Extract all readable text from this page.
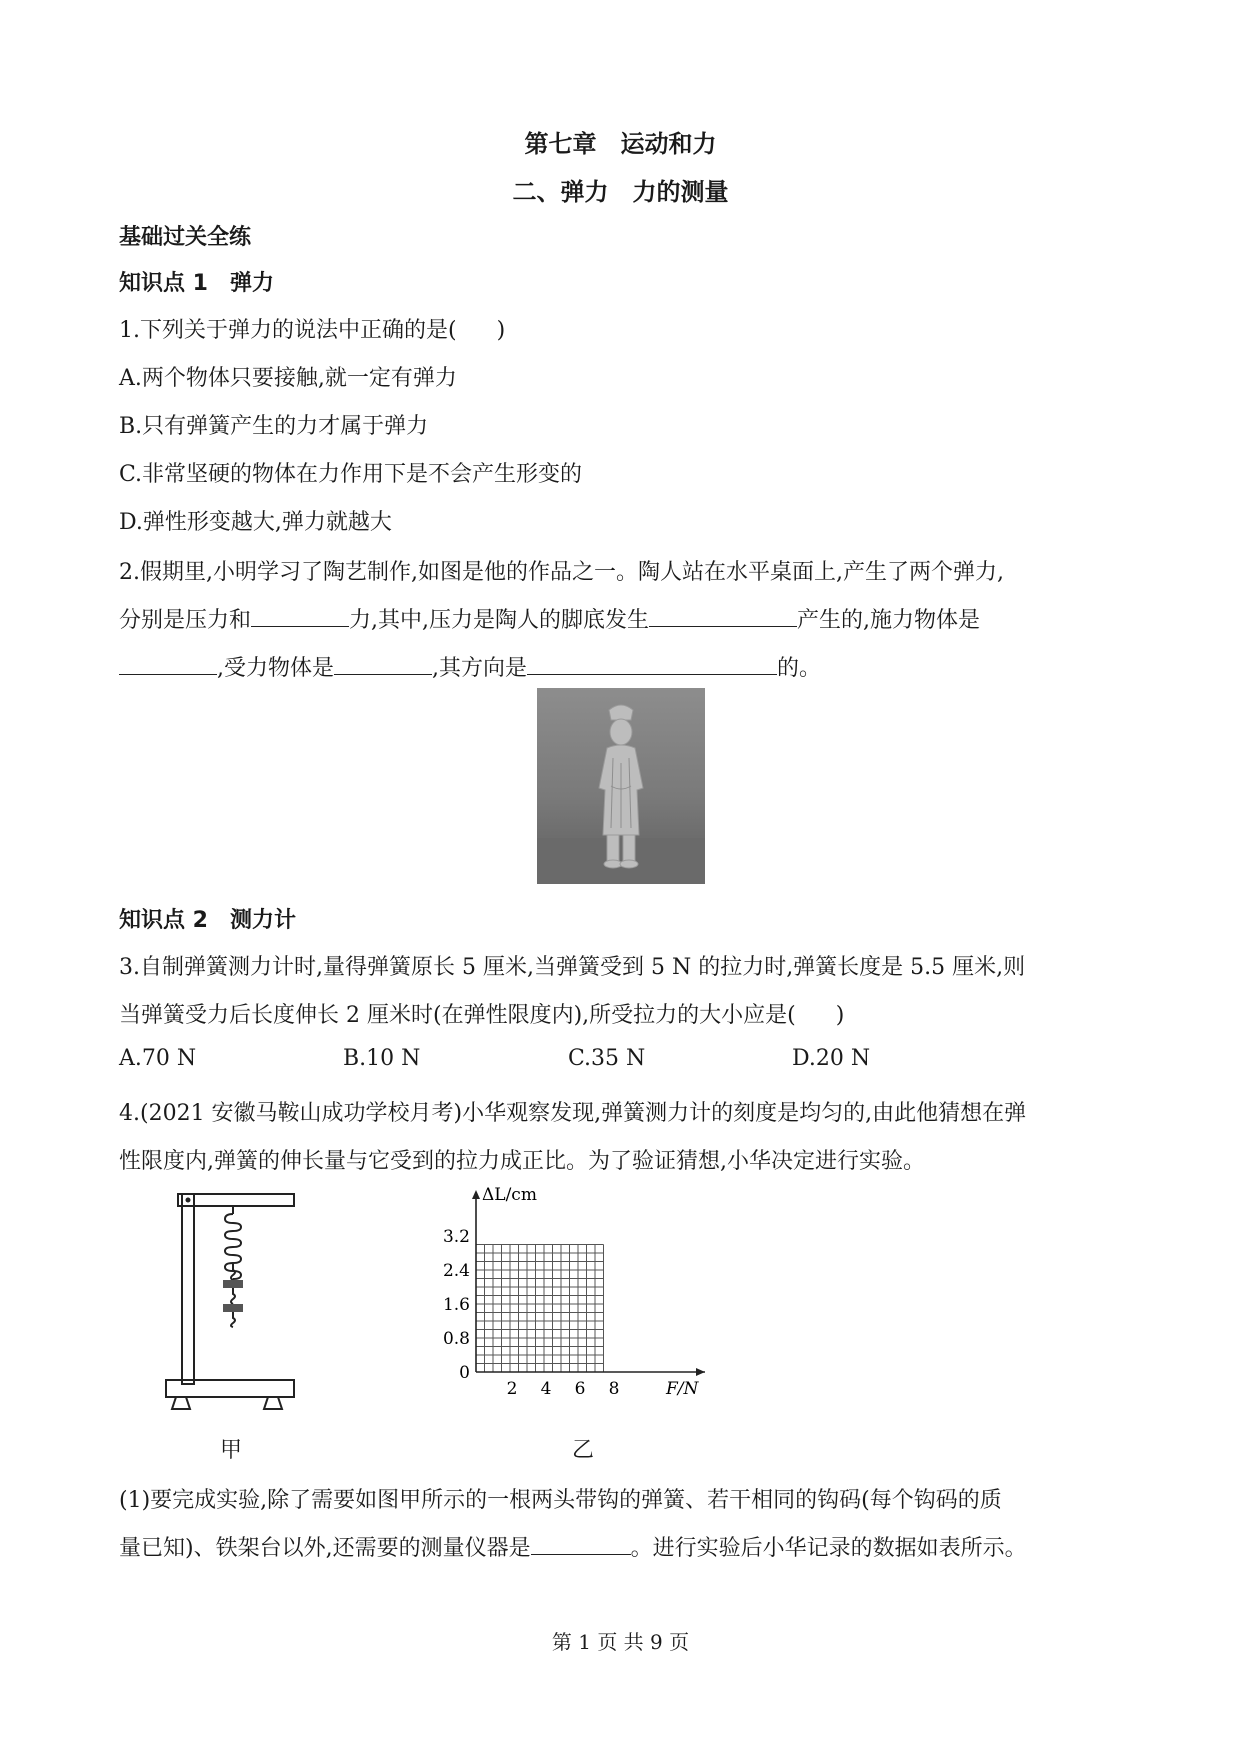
第七章　运动和力
二、弹力　力的测量
基础过关全练
知识点 1　弹力
1.下列关于弹力的说法中正确的是( )
A.两个物体只要接触,就一定有弹力
B.只有弹簧产生的力才属于弹力
C.非常坚硬的物体在力作用下是不会产生形变的
D.弹性形变越大,弹力就越大
2.假期里,小明学习了陶艺制作,如图是他的作品之一。陶人站在水平桌面上,产生了两个弹力,
分别是压力和	力,其中,压力是陶人的脚底发生	产生的,施力物体是
,受力物体是	,其方向是	的。
知识点 2　测力计
3.自制弹簧测力计时,量得弹簧原长 5 厘米,当弹簧受到 5 N 的拉力时,弹簧长度是 5.5 厘米,则
当弹簧受力后长度伸长 2 厘米时(在弹性限度内),所受拉力的大小应是( )
A.70 N	B.10 N	C.35 N	D.20 N
4.(2021 安徽马鞍山成功学校月考)小华观察发现,弹簧测力计的刻度是均匀的,由此他猜想在弹
性限度内,弹簧的伸长量与它受到的拉力成正比。为了验证猜想,小华决定进行实验。
甲
ΔL/cm
F/N
2 4 6 8
0
0.8
1.6
2.4
3.2
乙
(1)要完成实验,除了需要如图甲所示的一根两头带钩的弹簧、若干相同的钩码(每个钩码的质
量已知)、铁架台以外,还需要的测量仪器是	。进行实验后小华记录的数据如表所示。
第 1 页 共 9 页
